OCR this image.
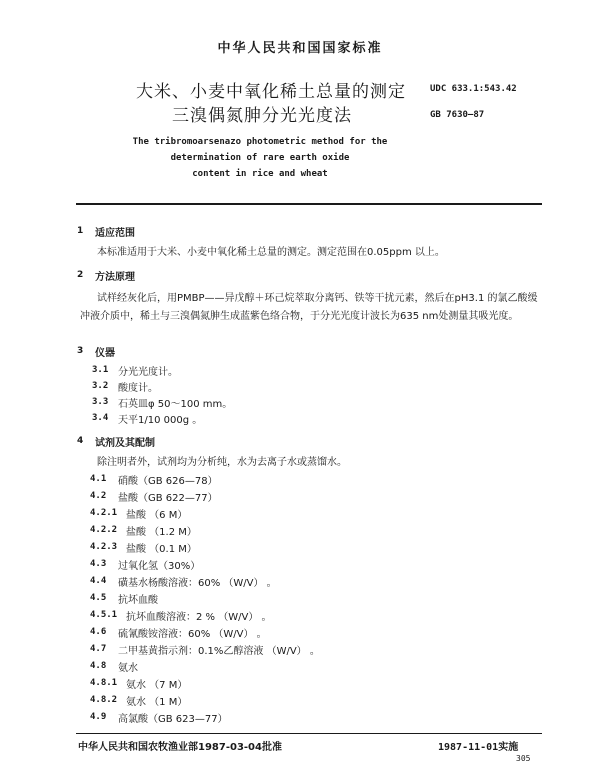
中华人民共和国国家标准
大米、小麦中氧化稀土总量的测定
三溴偶氮胂分光光度法
UDC 633.1:543.42
GB 7630—87
The tribromoarsenazo photometric method for the
determination of rare earth oxide
content in rice and wheat
1 适应范围
本标准适用于大米、小麦中氧化稀土总量的测定。测定范围在0.05ppm 以上。
2 方法原理
试样经灰化后，用PMBP——异戊醇＋环己烷萃取分离钙、铁等干扰元素，然后在pH3.1 的氯乙酸缓冲液介质中，稀土与三溴偶氮胂生成蓝紫色络合物，于分光光度计波长为635 nm处测量其吸光度。
3 仪器
3.1 分光光度计。
3.2 酸度计。
3.3 石英皿φ 50～100 mm。
3.4 天平1/10 000g 。
4 试剂及其配制
除注明者外，试剂均为分析纯，水为去离子水或蒸馏水。
4.1 硝酸（GB 626—78）
4.2 盐酸（GB 622—77）
4.2.1 盐酸 （6 M）
4.2.2 盐酸 （1.2 M）
4.2.3 盐酸 （0.1 M）
4.3 过氧化氢（30%）
4.4 磺基水杨酸溶液：60% （W/V） 。
4.5 抗坏血酸
4.5.1 抗坏血酸溶液：2 % （W/V） 。
4.6 硫氰酸铵溶液：60% （W/V） 。
4.7 二甲基黄指示剂：0.1%乙醇溶液 （W/V） 。
4.8 氨水
4.8.1 氨水 （7 M）
4.8.2 氨水 （1 M）
4.9 高氯酸（GB 623—77）
中华人民共和国农牧渔业部1987-03-04批准	1987-11-01实施
305
